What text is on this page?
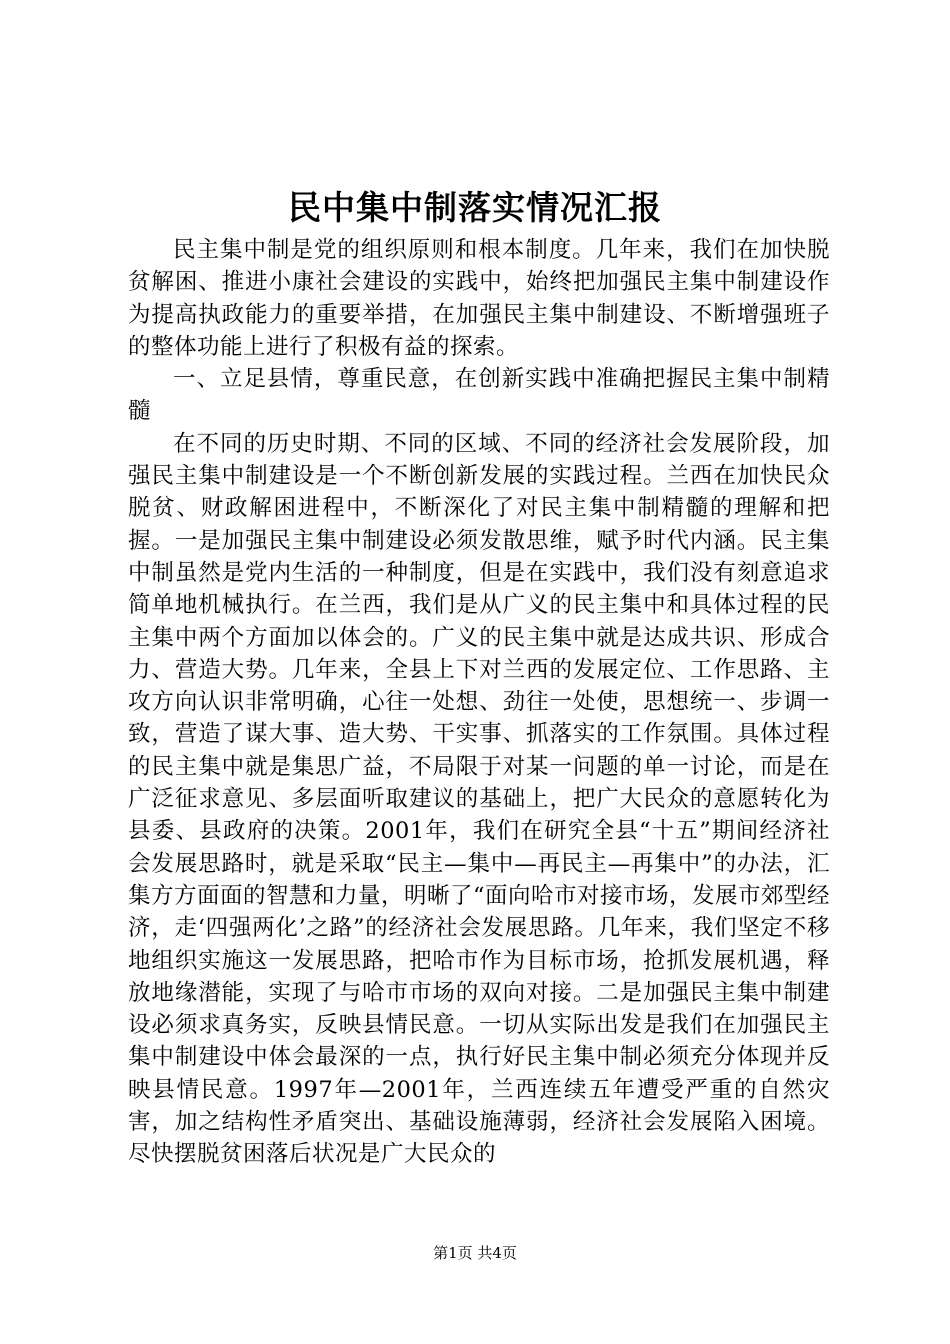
民中集中制落实情况汇报

民主集中制是党的组织原则和根本制度。几年来，我们在加快脱贫解困、推进小康社会建设的实践中，始终把加强民主集中制建设作为提高执政能力的重要举措，在加强民主集中制建设、不断增强班子的整体功能上进行了积极有益的探索。

一、立足县情，尊重民意，在创新实践中准确把握民主集中制精髓

在不同的历史时期、不同的区域、不同的经济社会发展阶段，加强民主集中制建设是一个不断创新发展的实践过程。兰西在加快民众脱贫、财政解困进程中，不断深化了对民主集中制精髓的理解和把握。一是加强民主集中制建设必须发散思维，赋予时代内涵。民主集中制虽然是党内生活的一种制度，但是在实践中，我们没有刻意追求简单地机械执行。在兰西，我们是从广义的民主集中和具体过程的民主集中两个方面加以体会的。广义的民主集中就是达成共识、形成合力、营造大势。几年来，全县上下对兰西的发展定位、工作思路、主攻方向认识非常明确，心往一处想、劲往一处使，思想统一、步调一致，营造了谋大事、造大势、干实事、抓落实的工作氛围。具体过程的民主集中就是集思广益，不局限于对某一问题的单一讨论，而是在广泛征求意见、多层面听取建议的基础上，把广大民众的意愿转化为县委、县政府的决策。2001年，我们在研究全县“十五”期间经济社会发展思路时，就是采取“民主—集中—再民主—再集中”的办法，汇集方方面面的智慧和力量，明晰了“面向哈市对接市场，发展市郊型经济，走‘四强两化’之路”的经济社会发展思路。几年来，我们坚定不移地组织实施这一发展思路，把哈市作为目标市场，抢抓发展机遇，释放地缘潜能，实现了与哈市市场的双向对接。二是加强民主集中制建设必须求真务实，反映县情民意。一切从实际出发是我们在加强民主集中制建设中体会最深的一点，执行好民主集中制必须充分体现并反映县情民意。1997年—2001年，兰西连续五年遭受严重的自然灾害，加之结构性矛盾突出、基础设施薄弱，经济社会发展陷入困境。尽快摆脱贫困落后状况是广大民众的

第1页 共4页
